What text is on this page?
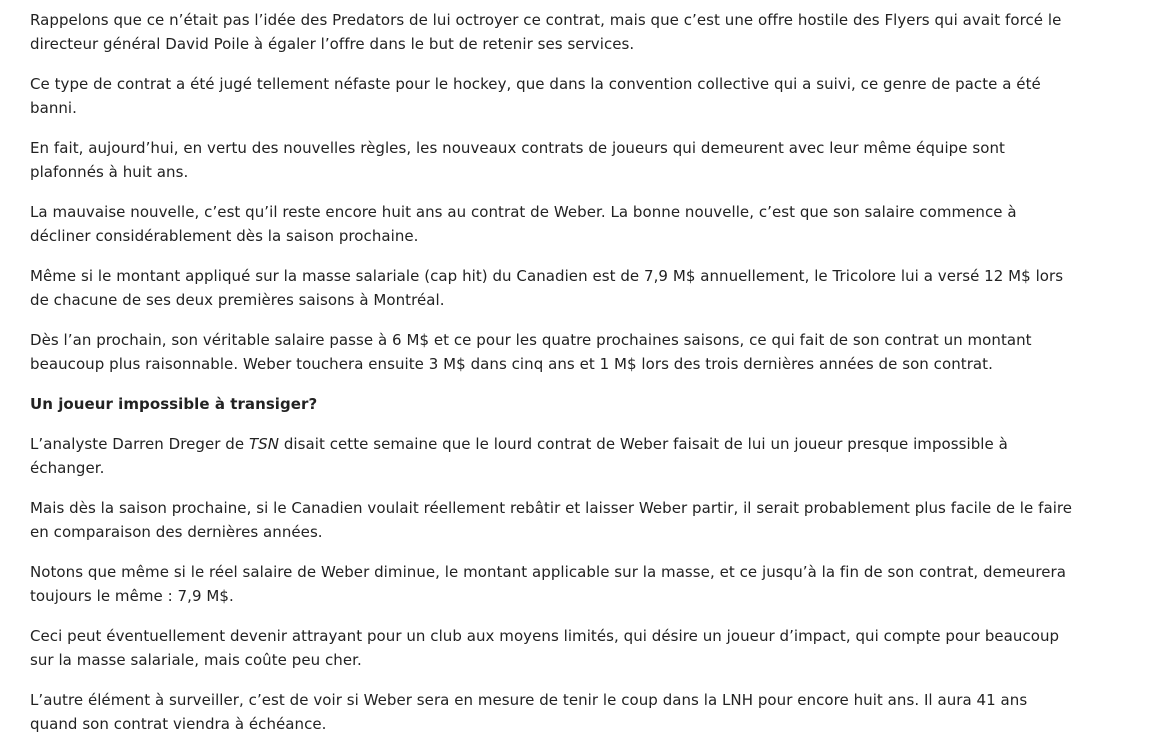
Rappelons que ce n’était pas l’idée des Predators de lui octroyer ce contrat, mais que c’est une offre hostile des Flyers qui avait forcé le directeur général David Poile à égaler l’offre dans le but de retenir ses services.

Ce type de contrat a été jugé tellement néfaste pour le hockey, que dans la convention collective qui a suivi, ce genre de pacte a été banni.

En fait, aujourd’hui, en vertu des nouvelles règles, les nouveaux contrats de joueurs qui demeurent avec leur même équipe sont plafonnés à huit ans.

La mauvaise nouvelle, c’est qu’il reste encore huit ans au contrat de Weber. La bonne nouvelle, c’est que son salaire commence à décliner considérablement dès la saison prochaine.

Même si le montant appliqué sur la masse salariale (cap hit) du Canadien est de 7,9 M$ annuellement, le Tricolore lui a versé 12 M$ lors de chacune de ses deux premières saisons à Montréal.

Dès l’an prochain, son véritable salaire passe à 6 M$ et ce pour les quatre prochaines saisons, ce qui fait de son contrat un montant beaucoup plus raisonnable. Weber touchera ensuite 3 M$ dans cinq ans et 1 M$ lors des trois dernières années de son contrat.

Un joueur impossible à transiger?

L’analyste Darren Dreger de TSN disait cette semaine que le lourd contrat de Weber faisait de lui un joueur presque impossible à échanger.

Mais dès la saison prochaine, si le Canadien voulait réellement rebâtir et laisser Weber partir, il serait probablement plus facile de le faire en comparaison des dernières années.

Notons que même si le réel salaire de Weber diminue, le montant applicable sur la masse, et ce jusqu’à la fin de son contrat, demeurera toujours le même : 7,9 M$.

Ceci peut éventuellement devenir attrayant pour un club aux moyens limités, qui désire un joueur d’impact, qui compte pour beaucoup sur la masse salariale, mais coûte peu cher.

L’autre élément à surveiller, c’est de voir si Weber sera en mesure de tenir le coup dans la LNH pour encore huit ans. Il aura 41 ans quand son contrat viendra à échéance.
